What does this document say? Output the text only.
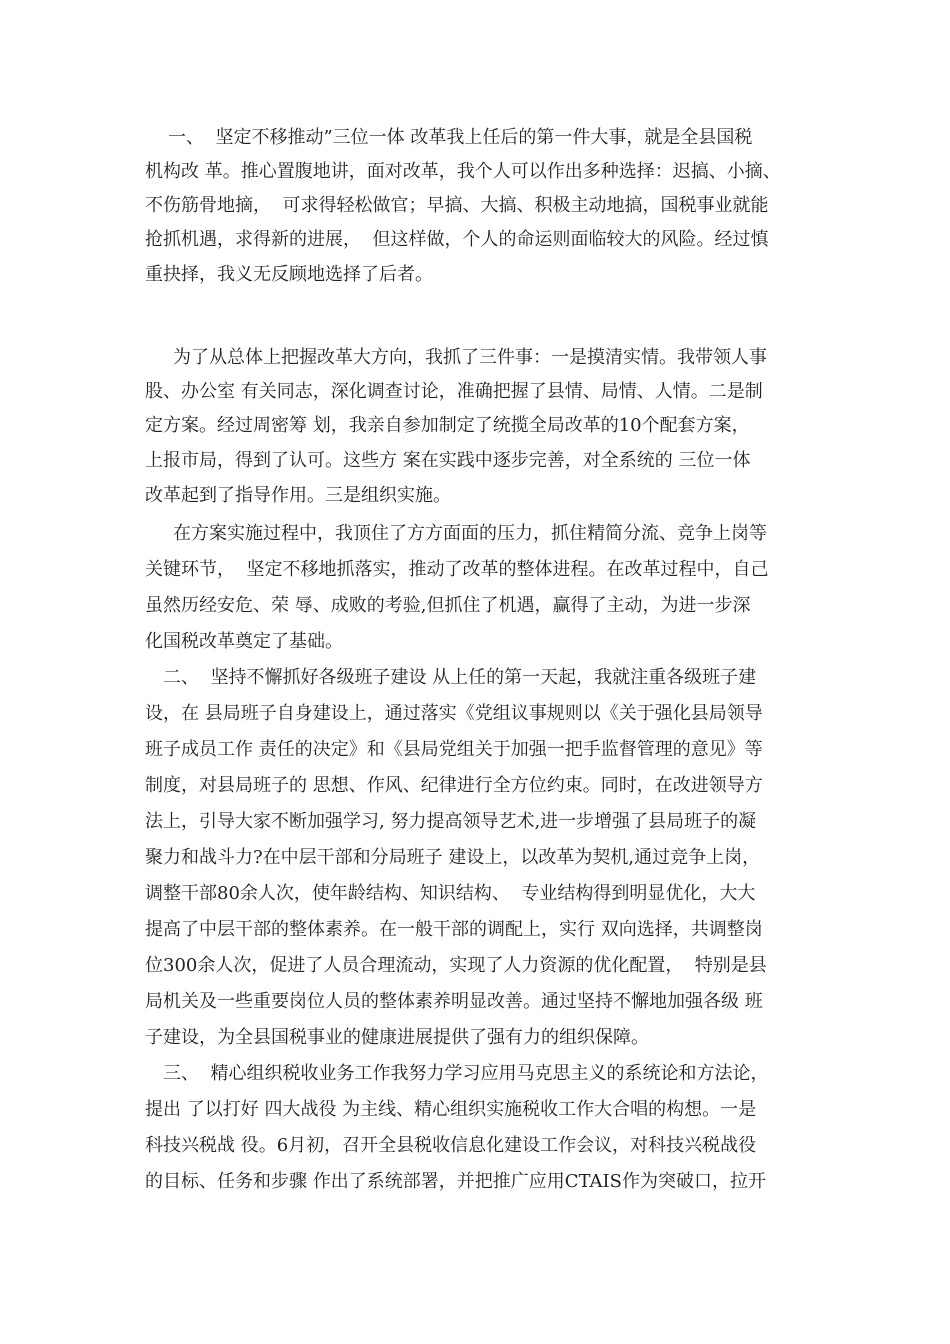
一、  坚定不移推动”三位一体 改革我上任后的第一件大事，就是全县国税

机构改 革。推心置腹地讲，面对改革，我个人可以作出多种选择：迟搞、小摘、

不伤筋骨地摘，  可求得轻松做官；早搞、大搞、积极主动地搞，国税事业就能

抢抓机遇，求得新的进展，  但这样做，个人的命运则面临较大的风险。经过慎

重抉择，我义无反顾地选择了后者。

为了从总体上把握改革大方向，我抓了三件事：一是摸清实情。我带领人事

股、办公室 有关同志，深化调查讨论，准确把握了县情、局情、人情。二是制

定方案。经过周密筹 划，我亲自参加制定了统揽全局改革的10个配套方案，

上报市局，得到了认可。这些方 案在实践中逐步完善，对全系统的 三位一体

改革起到了指导作用。三是组织实施。

在方案实施过程中，我顶住了方方面面的压力，抓住精简分流、竞争上岗等

关键环节，  坚定不移地抓落实，推动了改革的整体进程。在改革过程中，自己

虽然历经安危、荣 辱、成败的考验,但抓住了机遇，赢得了主动，为进一步深

化国税改革奠定了基础。

二、  坚持不懈抓好各级班子建设 从上任的第一天起，我就注重各级班子建

设，在 县局班子自身建设上，通过落实《党组议事规则以《关于强化县局领导

班子成员工作 责任的决定》和《县局党组关于加强一把手监督管理的意见》等

制度，对县局班子的 思想、作风、纪律进行全方位约束。同时，在改进领导方

法上，引导大家不断加强学习, 努力提高领导艺术,进一步增强了县局班子的凝

聚力和战斗力?在中层干部和分局班子 建设上，以改革为契机,通过竞争上岗，

调整干部80余人次，使年龄结构、知识结构、  专业结构得到明显优化，大大

提高了中层干部的整体素养。在一般干部的调配上，实行 双向选择，共调整岗

位300余人次，促进了人员合理流动，实现了人力资源的优化配置，  特别是县

局机关及一些重要岗位人员的整体素养明显改善。通过坚持不懈地加强各级 班

子建设，为全县国税事业的健康进展提供了强有力的组织保障。

三、  精心组织税收业务工作我努力学习应用马克思主义的系统论和方法论，

提出 了以打好 四大战役 为主线、精心组织实施税收工作大合唱的构想。一是

科技兴税战 役。6月初，召开全县税收信息化建设工作会议，对科技兴税战役

的目标、任务和步骤 作出了系统部署，并把推广应用CTAIS作为突破口，拉开
